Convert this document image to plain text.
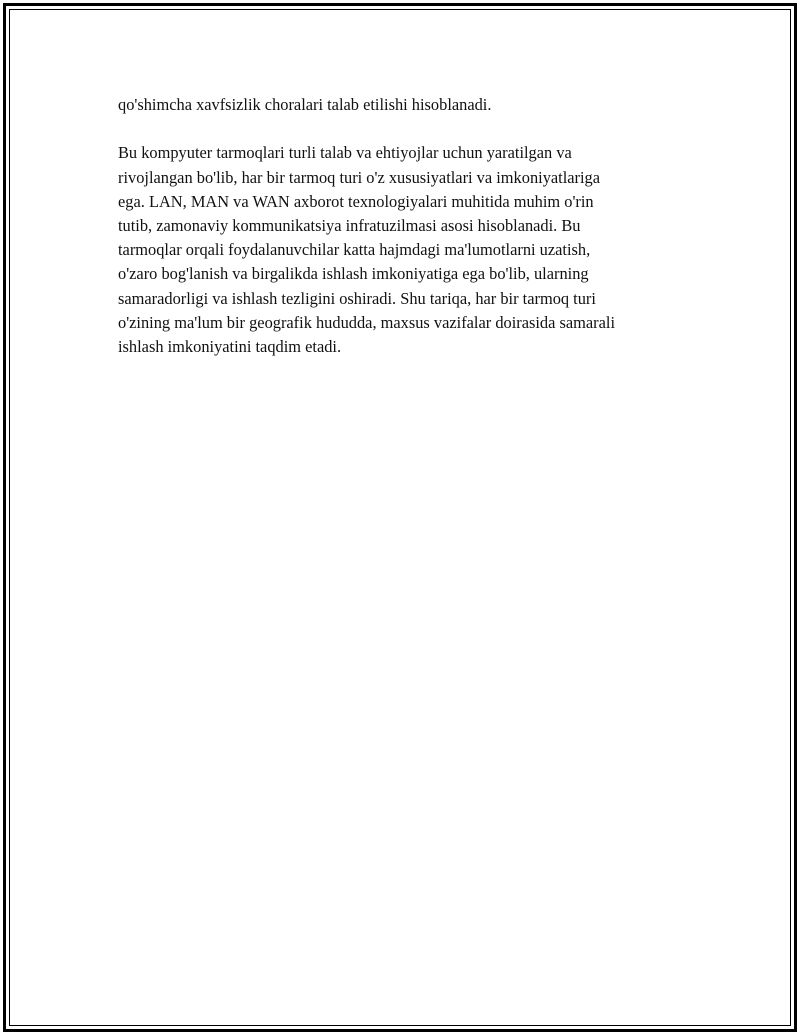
qo'shimcha xavfsizlik choralari talab etilishi hisoblanadi.

Bu kompyuter tarmoqlari turli talab va ehtiyojlar uchun yaratilgan va
rivojlangan bo'lib, har bir tarmoq turi o'z xususiyatlari va imkoniyatlariga
ega. LAN, MAN va WAN axborot texnologiyalari muhitida muhim o'rin
tutib, zamonaviy kommunikatsiya infratuzilmasi asosi hisoblanadi. Bu
tarmoqlar orqali foydalanuvchilar katta hajmdagi ma'lumotlarni uzatish,
o'zaro bog'lanish va birgalikda ishlash imkoniyatiga ega bo'lib, ularning
samaradorligi va ishlash tezligini oshiradi. Shu tariqa, har bir tarmoq turi
o'zining ma'lum bir geografik hududda, maxsus vazifalar doirasida samarali
ishlash imkoniyatini taqdim etadi.
